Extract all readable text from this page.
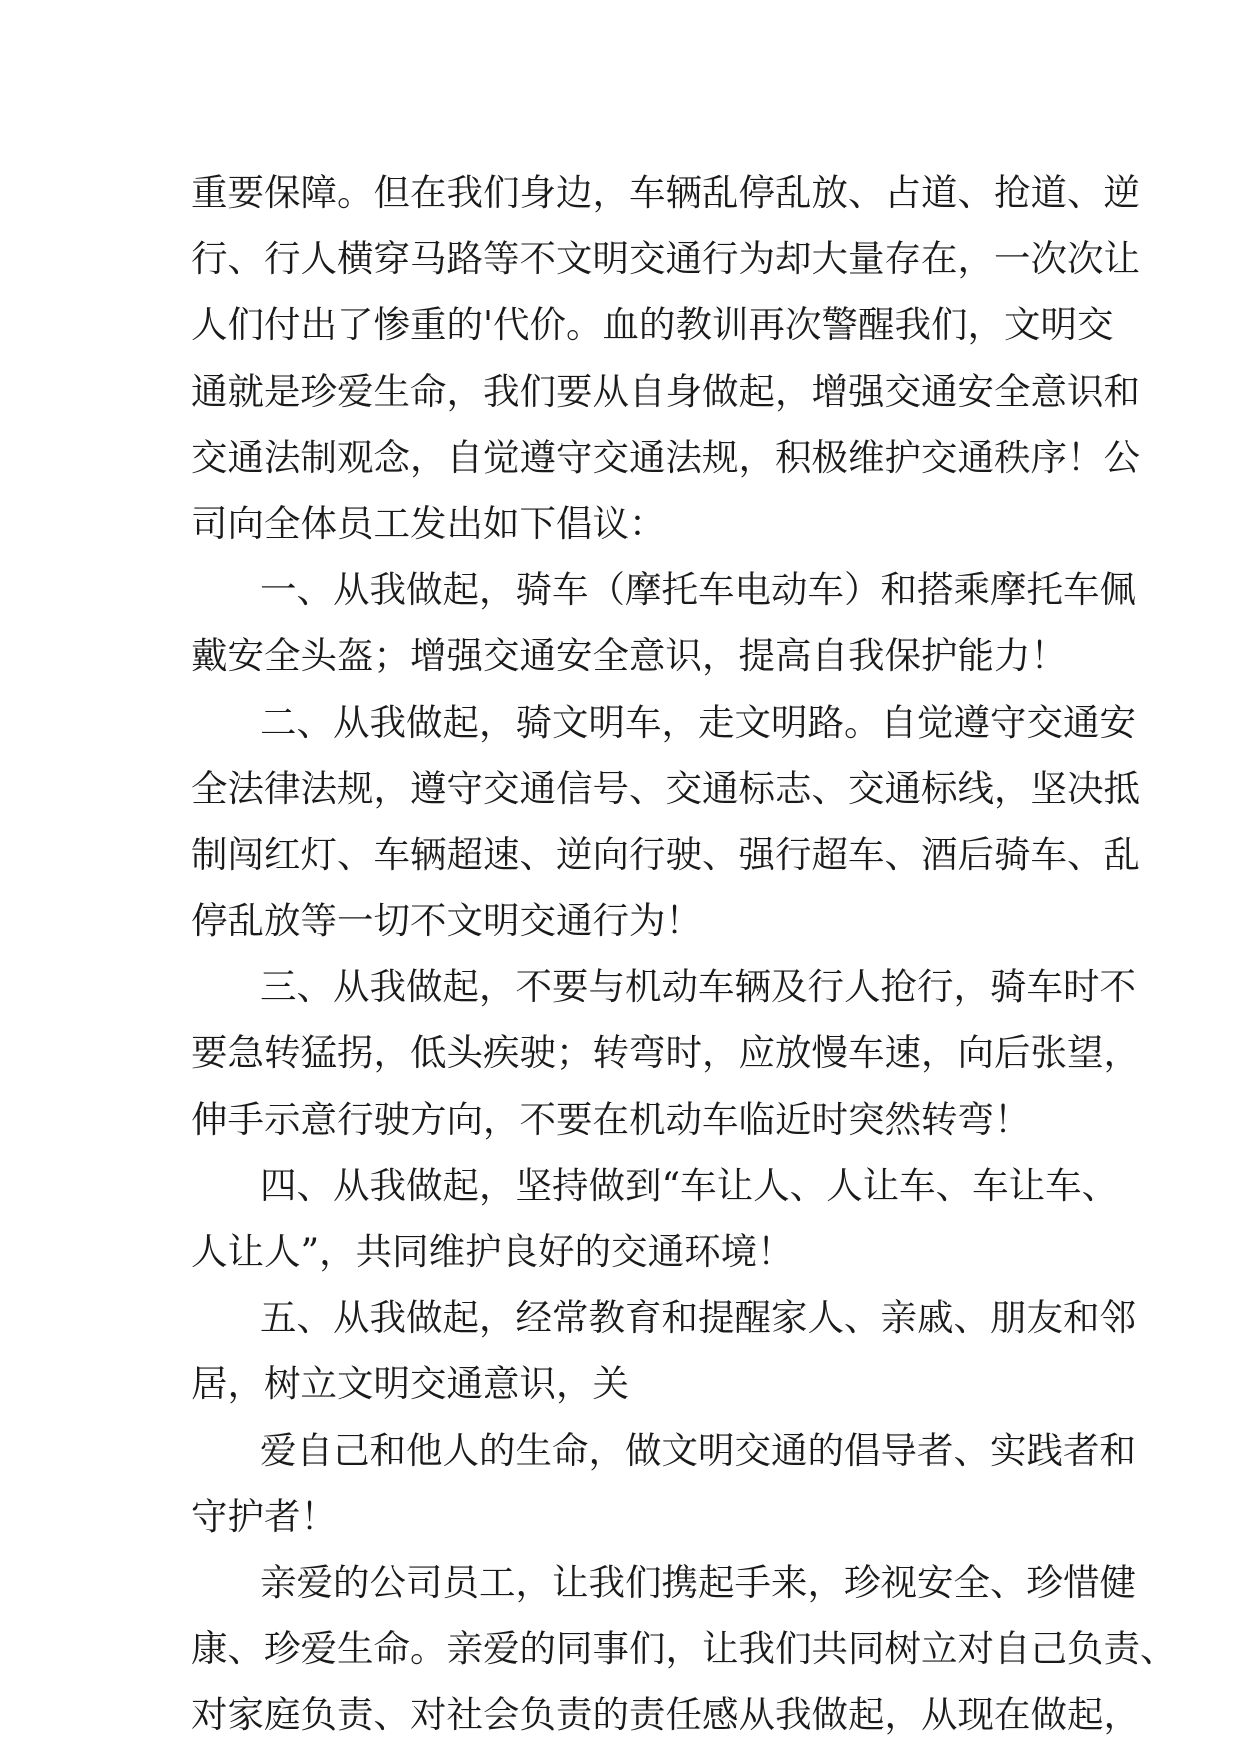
重要保障。但在我们身边，车辆乱停乱放、占道、抢道、逆
行、行人横穿马路等不文明交通行为却大量存在，一次次让
人们付出了惨重的'代价。血的教训再次警醒我们，文明交
通就是珍爱生命，我们要从自身做起，增强交通安全意识和
交通法制观念，自觉遵守交通法规，积极维护交通秩序！公
司向全体员工发出如下倡议：
一、从我做起，骑车（摩托车电动车）和搭乘摩托车佩
戴安全头盔；增强交通安全意识，提高自我保护能力！
二、从我做起，骑文明车，走文明路。自觉遵守交通安
全法律法规，遵守交通信号、交通标志、交通标线，坚决抵
制闯红灯、车辆超速、逆向行驶、强行超车、酒后骑车、乱
停乱放等一切不文明交通行为！
三、从我做起，不要与机动车辆及行人抢行，骑车时不
要急转猛拐，低头疾驶；转弯时，应放慢车速，向后张望，
伸手示意行驶方向，不要在机动车临近时突然转弯！
四、从我做起，坚持做到“车让人、人让车、车让车、
人让人”，共同维护良好的交通环境！
五、从我做起，经常教育和提醒家人、亲戚、朋友和邻
居，树立文明交通意识，关
爱自己和他人的生命，做文明交通的倡导者、实践者和
守护者！
亲爱的公司员工，让我们携起手来，珍视安全、珍惜健
康、珍爱生命。亲爱的同事们，让我们共同树立对自己负责、
对家庭负责、对社会负责的责任感从我做起，从现在做起，
